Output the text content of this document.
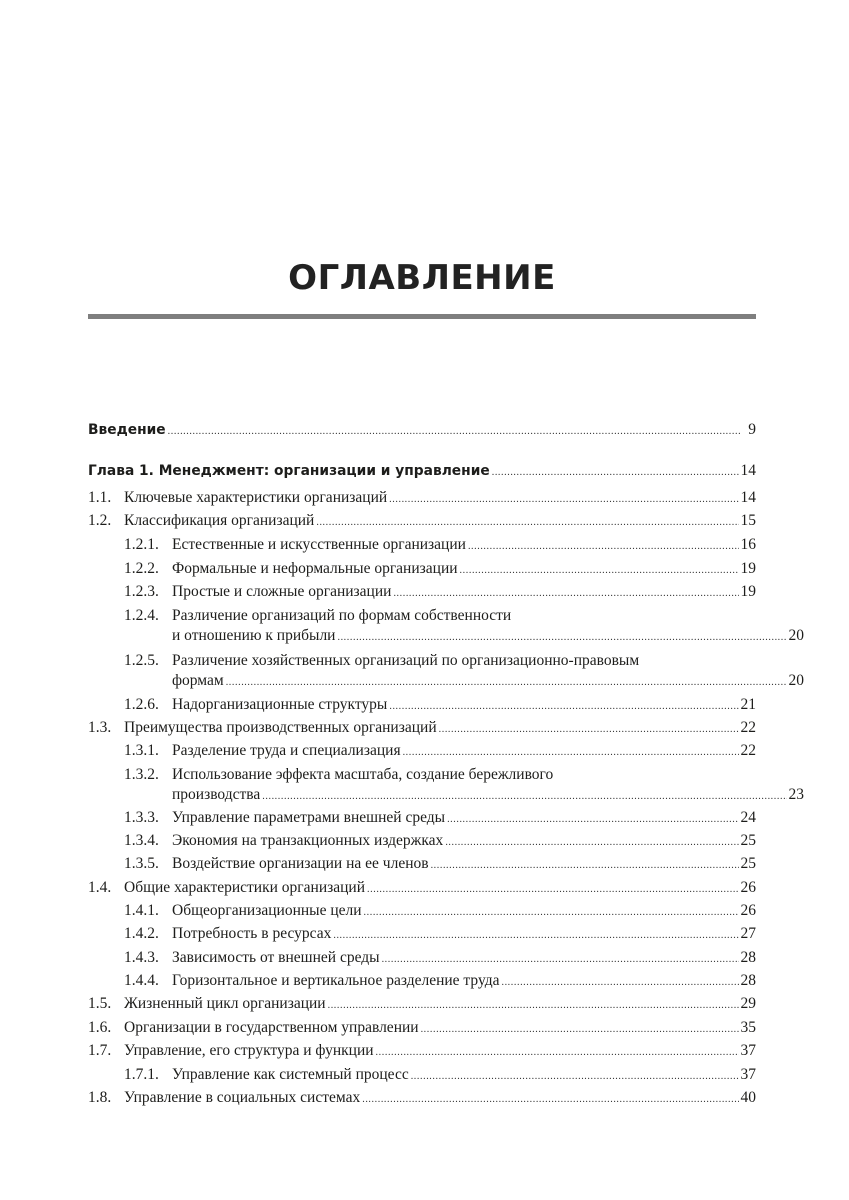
ОГЛАВЛЕНИЕ
Введение .....	9
Глава 1. Менеджмент: организации и управление .....	14
1.1. Ключевые характеристики организаций .....	14
1.2. Классификация организаций .....	15
1.2.1. Естественные и искусственные организации .....	16
1.2.2. Формальные и неформальные организации .....	19
1.2.3. Простые и сложные организации .....	19
1.2.4. Различение организаций по формам собственности
и отношению к прибыли .....	20
1.2.5. Различение хозяйственных организаций по организационно-правовым
формам .....	20
1.2.6. Надорганизационные структуры .....	21
1.3. Преимущества производственных организаций .....	22
1.3.1. Разделение труда и специализация .....	22
1.3.2. Использование эффекта масштаба, создание бережливого
производства .....	23
1.3.3. Управление параметрами внешней среды .....	24
1.3.4. Экономия на транзакционных издержках .....	25
1.3.5. Воздействие организации на ее членов .....	25
1.4. Общие характеристики организаций .....	26
1.4.1. Общеорганизационные цели .....	26
1.4.2. Потребность в ресурсах .....	27
1.4.3. Зависимость от внешней среды .....	28
1.4.4. Горизонтальное и вертикальное разделение труда .....	28
1.5. Жизненный цикл организации .....	29
1.6. Организации в государственном управлении .....	35
1.7. Управление, его структура и функции .....	37
1.7.1. Управление как системный процесс .....	37
1.8. Управление в социальных системах .....	40
